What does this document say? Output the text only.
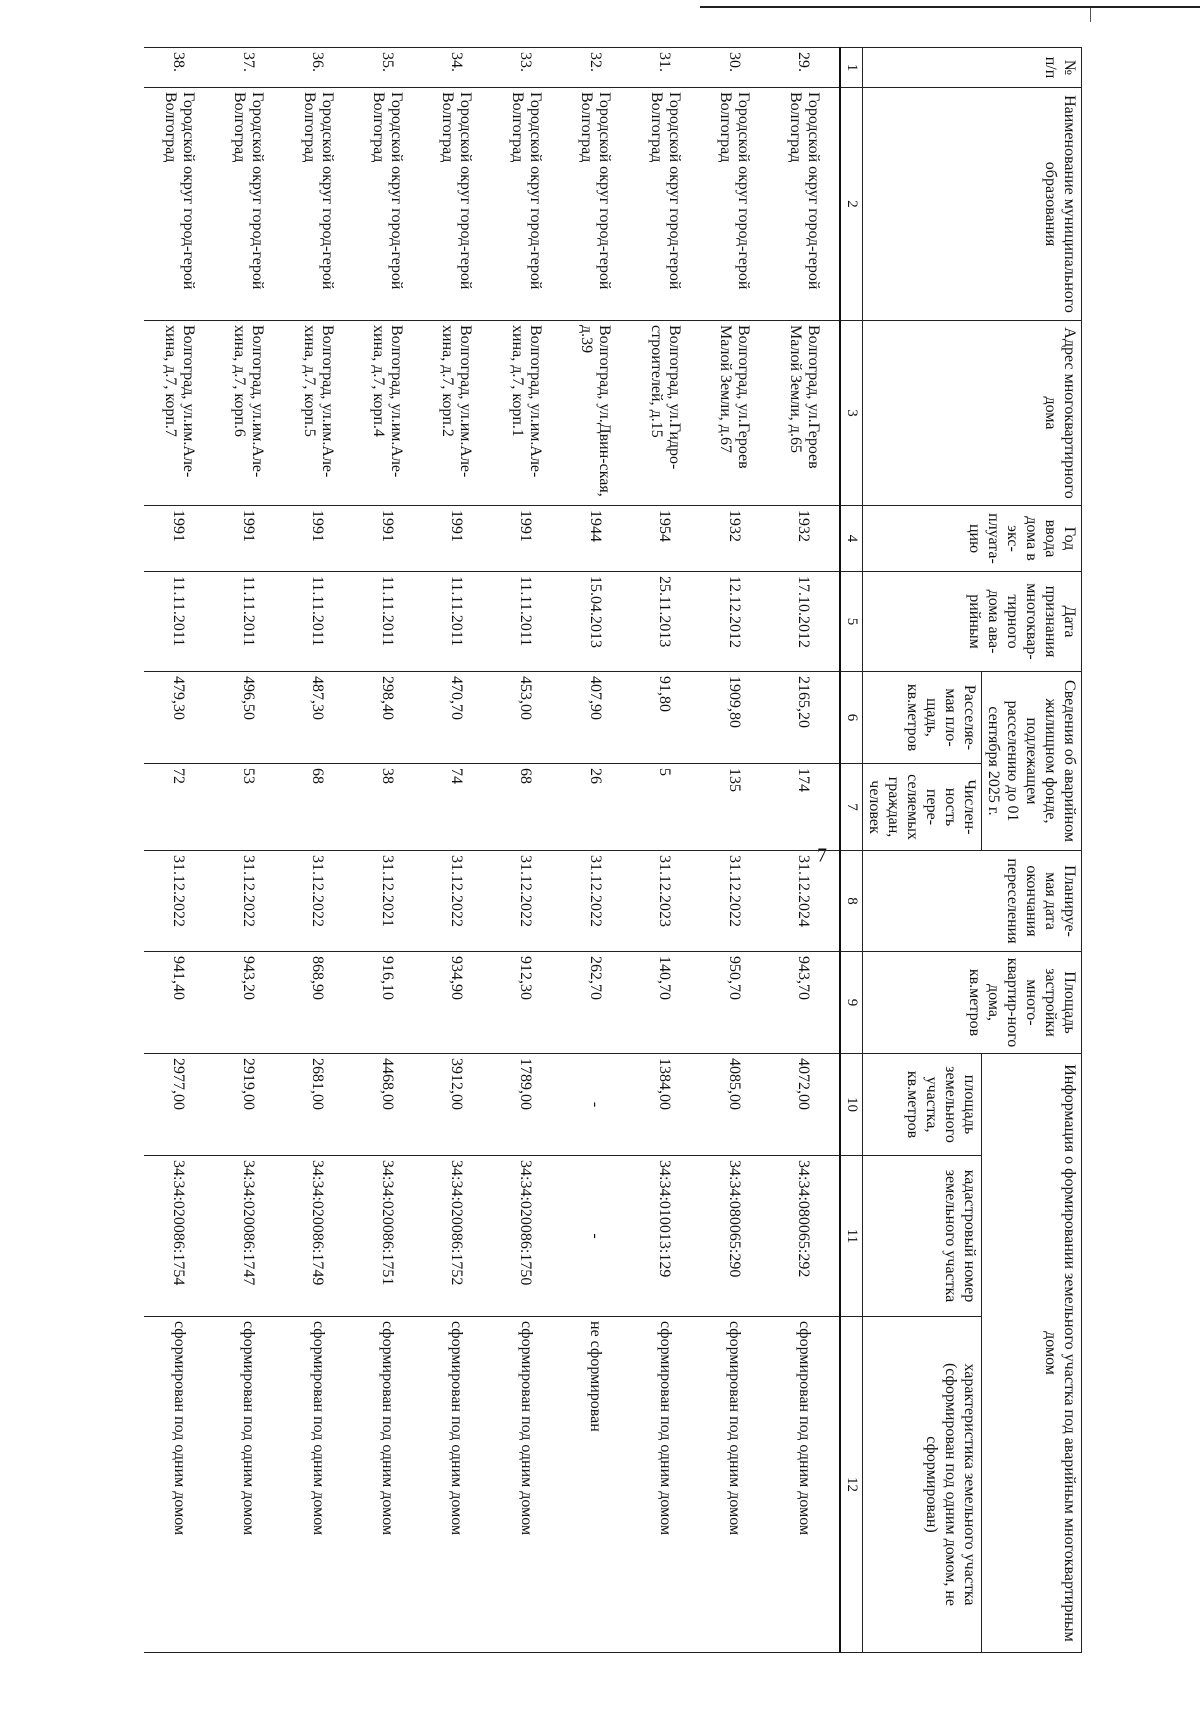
7
№ п/п	Наименование муниципального образования	Адрес многоквартирного дома	Год ввода дома в экс-плуата-цию	Дата признания многоквар-тирного дома ава-рийным	Сведения об аварийном жилищном фонде, подлежащем расселению до 01 сентября 2025 г.		Планируе-мая дата окончания переселения	Площадь застройки много-квартир-ного дома, кв.метров	Информация о формировании земельного участка под аварийным многоквартирным домом		
					Расселяе-мая пло-щадь, кв.метров	Числен-ность пере-селяемых граждан, человек			площадь земельного участка, кв.метров	кадастровый номер земельного участка	характеристика земельного участка (сформирован под одним домом, не сформирован)
1	2	3	4	5	6	7	8	9	10	11	12
29.	Городской округ город-герой Волгоград	Волгоград, ул.Героев Малой Земли, д.65	1932	17.10.2012	2165,20	174	31.12.2024	943,70	4072,00	34:34:080065:292	сформирован под одним домом
30.	Городской округ город-герой Волгоград	Волгоград, ул.Героев Малой Земли, д.67	1932	12.12.2012	1909,80	135	31.12.2022	950,70	4085,00	34:34:080065:290	сформирован под одним домом
31.	Городской округ город-герой Волгоград	Волгоград, ул.Гидро-строителей, д.15	1954	25.11.2013	91,80	5	31.12.2023	140,70	1384,00	34:34:010013:129	сформирован под одним домом
32.	Городской округ город-герой Волгоград	Волгоград, ул.Двин-ская, д.39	1944	15.04.2013	407,90	26	31.12.2022	262,70	-	-	не сформирован
33.	Городской округ город-герой Волгоград	Волгоград, ул.им.Але-хина, д.7, корп.1	1991	11.11.2011	453,00	68	31.12.2022	912,30	1789,00	34:34:020086:1750	сформирован под одним домом
34.	Городской округ город-герой Волгоград	Волгоград, ул.им.Але-хина, д.7, корп.2	1991	11.11.2011	470,70	74	31.12.2022	934,90	3912,00	34:34:020086:1752	сформирован под одним домом
35.	Городской округ город-герой Волгоград	Волгоград, ул.им.Але-хина, д.7, корп.4	1991	11.11.2011	298,40	38	31.12.2021	916,10	4468,00	34:34:020086:1751	сформирован под одним домом
36.	Городской округ город-герой Волгоград	Волгоград, ул.им.Але-хина, д.7, корп.5	1991	11.11.2011	487,30	68	31.12.2022	868,90	2681,00	34:34:020086:1749	сформирован под одним домом
37.	Городской округ город-герой Волгоград	Волгоград, ул.им.Але-хина, д.7, корп.6	1991	11.11.2011	496,50	53	31.12.2022	943,20	2919,00	34:34:020086:1747	сформирован под одним домом
38.	Городской округ город-герой Волгоград	Волгоград, ул.им.Але-хина, д.7, корп.7	1991	11.11.2011	479,30	72	31.12.2022	941,40	2977,00	34:34:020086:1754	сформирован под одним домом
